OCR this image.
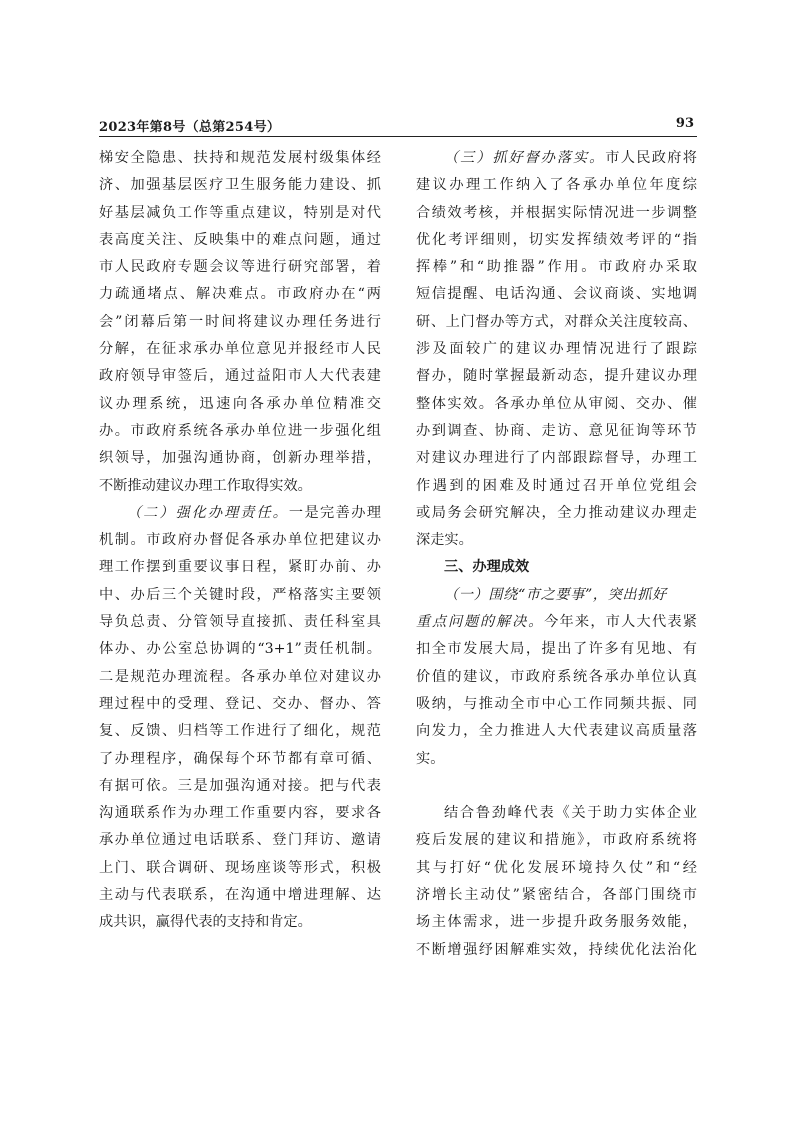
2023年第8号（总第254号）	93
梯安全隐患、扶持和规范发展村级集体经
济、加强基层医疗卫生服务能力建设、抓
好基层减负工作等重点建议，特别是对代
表高度关注、反映集中的难点问题，通过
市人民政府专题会议等进行研究部署，着
力疏通堵点、解决难点。市政府办在“两
会”闭幕后第一时间将建议办理任务进行
分解，在征求承办单位意见并报经市人民
政府领导审签后，通过益阳市人大代表建
议办理系统，迅速向各承办单位精准交
办。市政府系统各承办单位进一步强化组
织领导，加强沟通协商，创新办理举措，
不断推动建议办理工作取得实效。
（二）强化办理责任。一是完善办理
机制。市政府办督促各承办单位把建议办
理工作摆到重要议事日程，紧盯办前、办
中、办后三个关键时段，严格落实主要领
导负总责、分管领导直接抓、责任科室具
体办、办公室总协调的“3+1”责任机制。
二是规范办理流程。各承办单位对建议办
理过程中的受理、登记、交办、督办、答
复、反馈、归档等工作进行了细化，规范
了办理程序，确保每个环节都有章可循、
有据可依。三是加强沟通对接。把与代表
沟通联系作为办理工作重要内容，要求各
承办单位通过电话联系、登门拜访、邀请
上门、联合调研、现场座谈等形式，积极
主动与代表联系，在沟通中增进理解、达
成共识，赢得代表的支持和肯定。
（三）抓好督办落实。市人民政府将
建议办理工作纳入了各承办单位年度综
合绩效考核，并根据实际情况进一步调整
优化考评细则，切实发挥绩效考评的“指
挥棒”和“助推器”作用。市政府办采取
短信提醒、电话沟通、会议商谈、实地调
研、上门督办等方式，对群众关注度较高、
涉及面较广的建议办理情况进行了跟踪
督办，随时掌握最新动态，提升建议办理
整体实效。各承办单位从审阅、交办、催
办到调查、协商、走访、意见征询等环节
对建议办理进行了内部跟踪督导，办理工
作遇到的困难及时通过召开单位党组会
或局务会研究解决，全力推动建议办理走
深走实。
三、办理成效
（一）围绕“市之要事”，突出抓好
重点问题的解决。今年来，市人大代表紧
扣全市发展大局，提出了许多有见地、有
价值的建议，市政府系统各承办单位认真
吸纳，与推动全市中心工作同频共振、同
向发力，全力推进人大代表建议高质量落
实。

结合鲁劲峰代表《关于助力实体企业
疫后发展的建议和措施》，市政府系统将
其与打好“优化发展环境持久仗”和“经
济增长主动仗”紧密结合，各部门围绕市
场主体需求，进一步提升政务服务效能，
不断增强纾困解难实效，持续优化法治化
